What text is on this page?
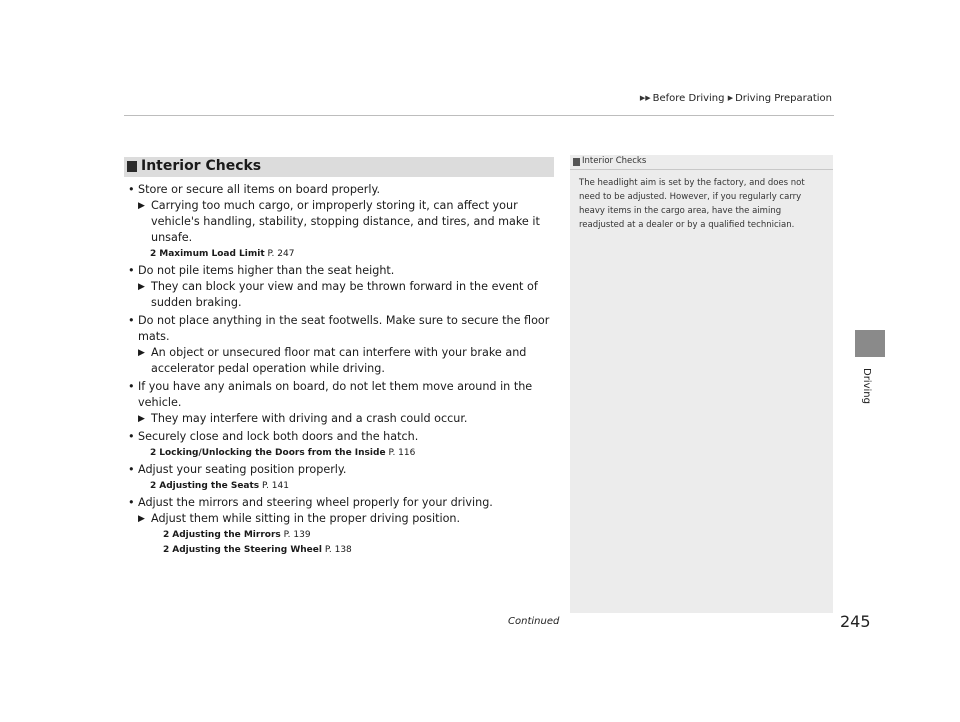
▶▶ Before Driving ▶ Driving Preparation
Driving
Interior Checks
• Store or secure all items on board properly.
▶ Carrying too much cargo, or improperly storing it, can affect your vehicle's handling, stability, stopping distance, and tires, and make it unsafe.
2 Maximum Load Limit P. 247
• Do not pile items higher than the seat height.
▶ They can block your view and may be thrown forward in the event of sudden braking.
• Do not place anything in the seat footwells. Make sure to secure the floor mats.
▶ An object or unsecured floor mat can interfere with your brake and accelerator pedal operation while driving.
• If you have any animals on board, do not let them move around in the vehicle.
▶ They may interfere with driving and a crash could occur.
• Securely close and lock both doors and the hatch.
2 Locking/Unlocking the Doors from the Inside P. 116
• Adjust your seating position properly.
2 Adjusting the Seats P. 141
• Adjust the mirrors and steering wheel properly for your driving.
▶ Adjust them while sitting in the proper driving position.
2 Adjusting the Mirrors P. 139
2 Adjusting the Steering Wheel P. 138
Interior Checks
The headlight aim is set by the factory, and does not need to be adjusted. However, if you regularly carry heavy items in the cargo area, have the aiming readjusted at a dealer or by a qualified technician.
Continued	245
